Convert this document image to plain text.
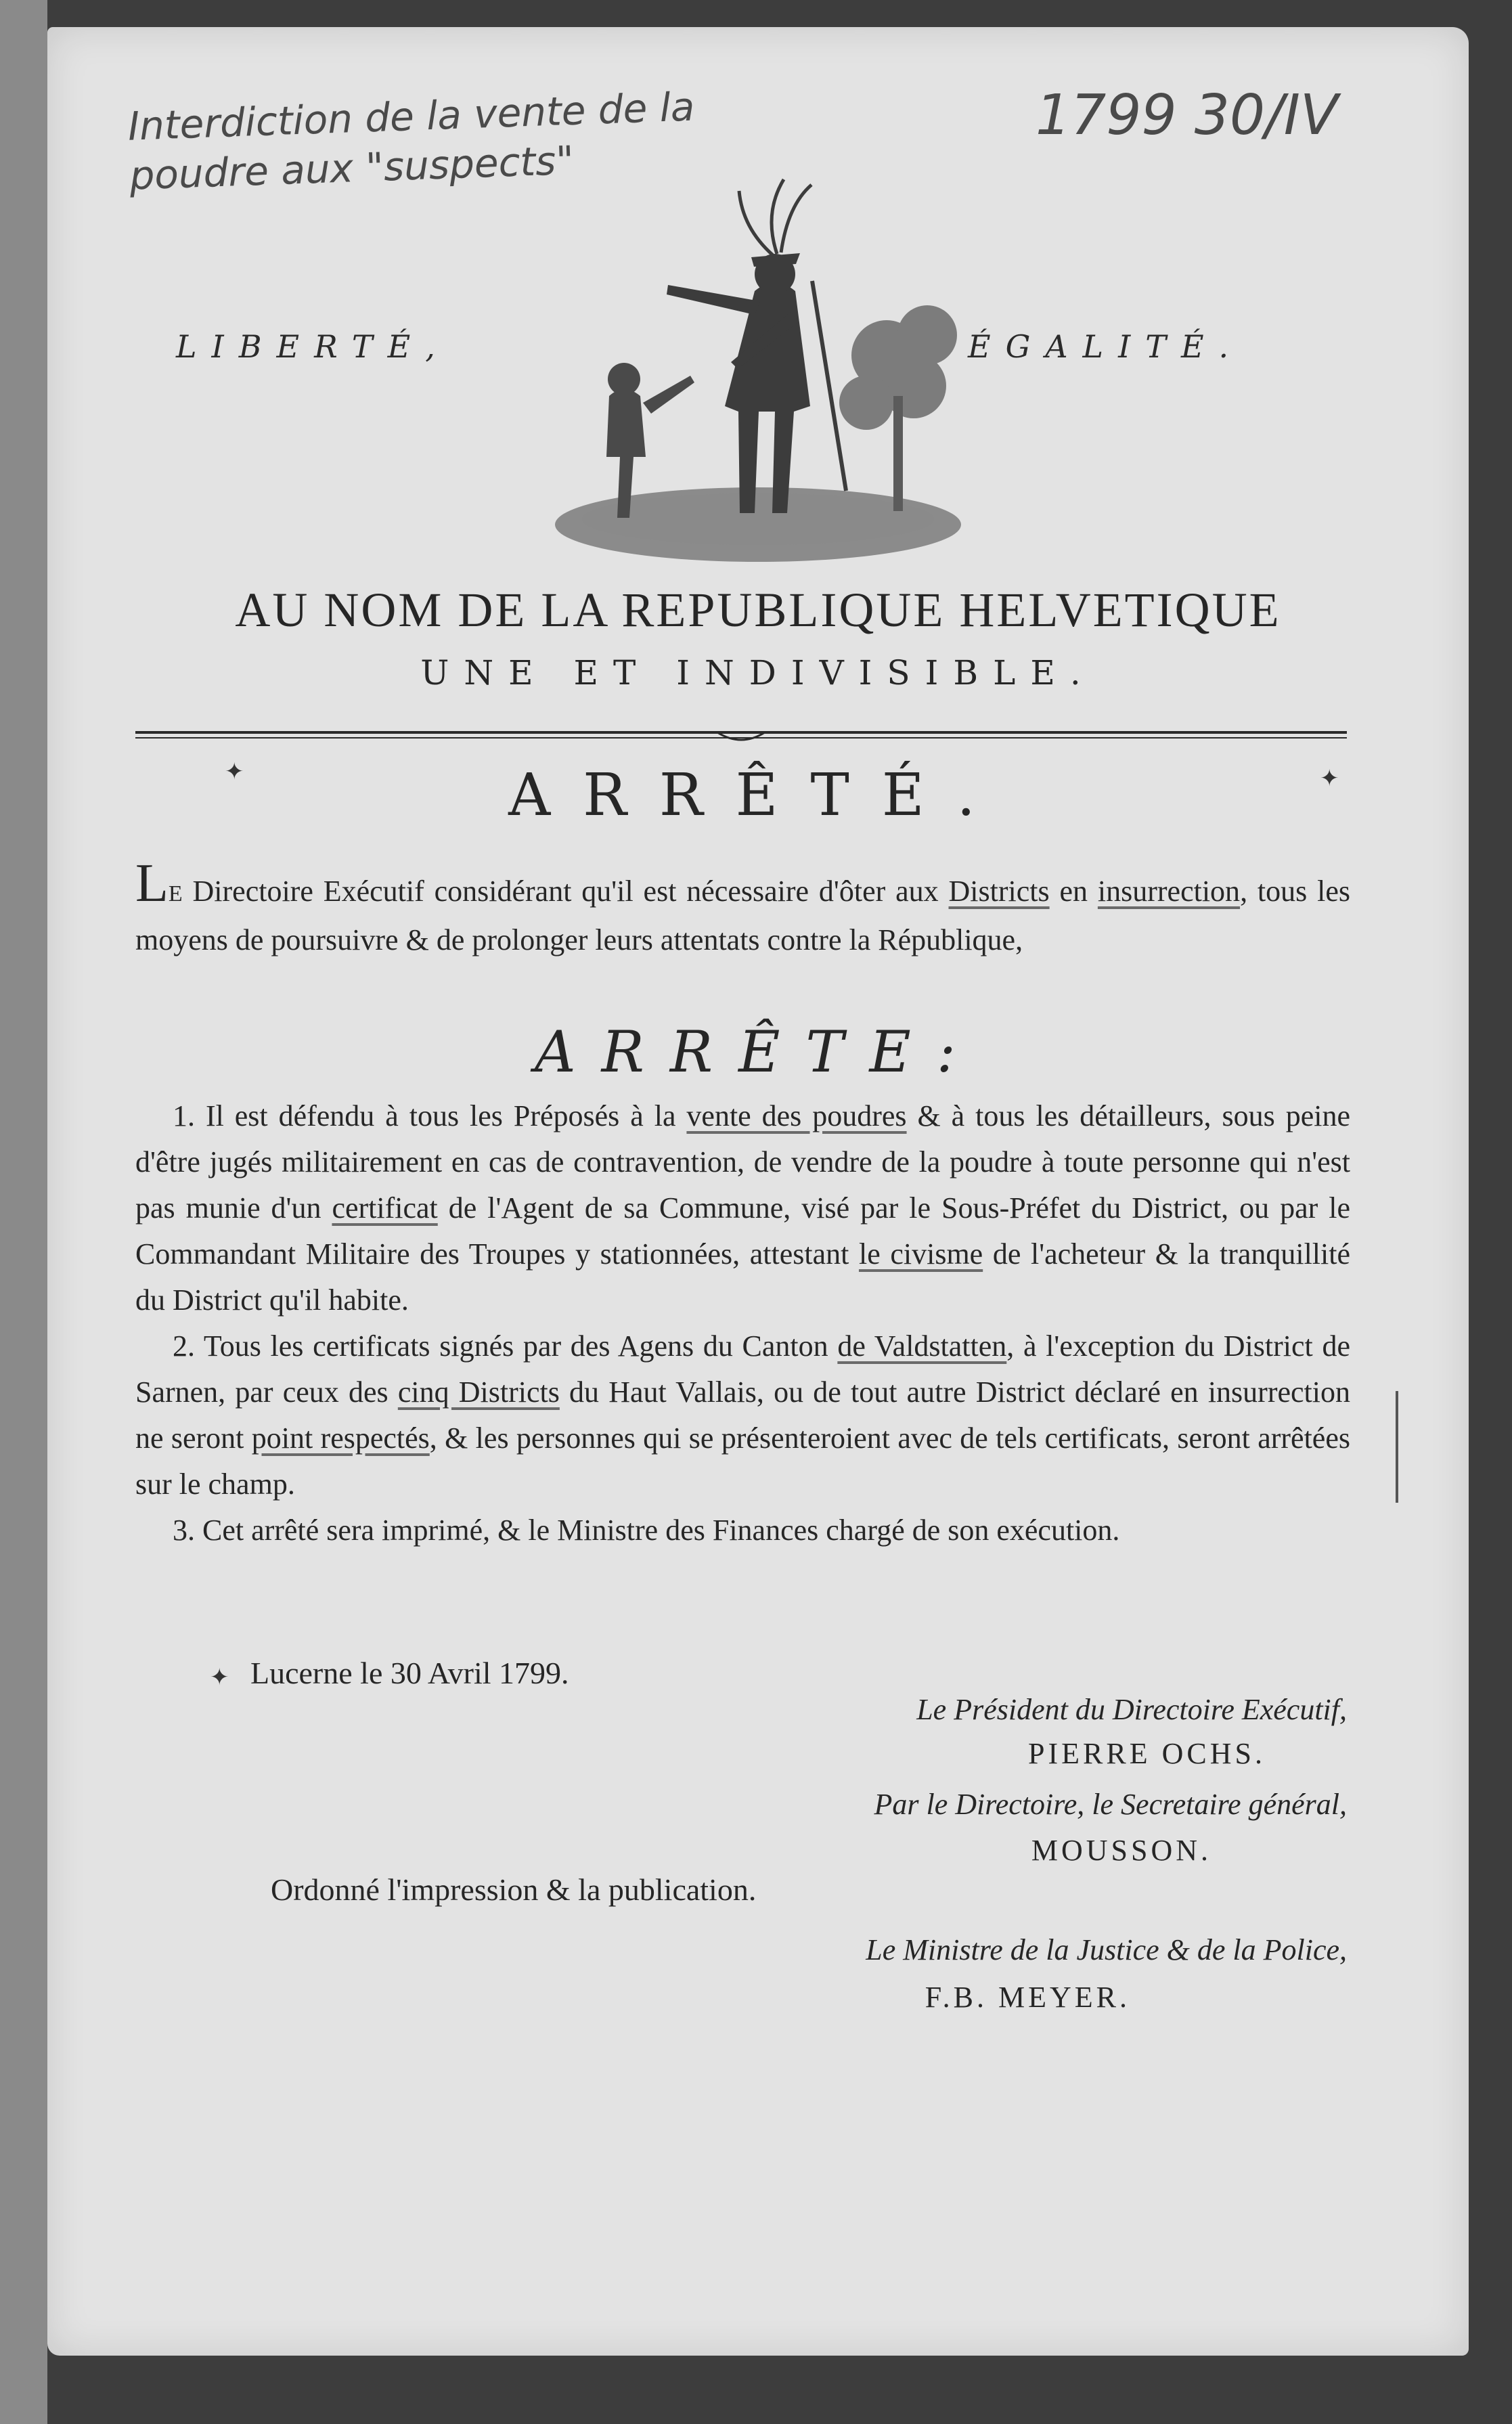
Interdiction de la vente de la poudre aux "suspects"
1799 30/IV
LIBERTÉ,	ÉGALITÉ.
AU NOM DE LA REPUBLIQUE HELVETIQUE
UNE ET INDIVISIBLE.
✦	✦
ARRÊTÉ.
LE Directoire Exécutif considérant qu'il est nécessaire d'ôter aux Districts en insurrection, tous les moyens de poursuivre & de prolonger leurs attentats contre la République,
ARRÊTE:

1. Il est défendu à tous les Préposés à la vente des poudres & à tous les détailleurs, sous peine d'être jugés militairement en cas de contravention, de vendre de la poudre à toute personne qui n'est pas munie d'un certificat de l'Agent de sa Commune, visé par le Sous-Préfet du District, ou par le Commandant Militaire des Troupes y stationnées, attestant le civisme de l'acheteur & la tranquillité du District qu'il habite.

2. Tous les certificats signés par des Agens du Canton de Valdstatten, à l'exception du District de Sarnen, par ceux des cinq Districts du Haut Vallais, ou de tout autre District déclaré en insurrection ne seront point respectés, & les personnes qui se présenteroient avec de tels certificats, seront arrêtées sur le champ.

3. Cet arrêté sera imprimé, & le Ministre des Finances chargé de son exécution.

✦ Lucerne le 30 Avril 1799.
Le Président du Directoire Exécutif,
PIERRE OCHS.
Par le Directoire, le Secretaire général,
MOUSSON.
Ordonné l'impression & la publication.
Le Ministre de la Justice & de la Police,
F.B. MEYER.
